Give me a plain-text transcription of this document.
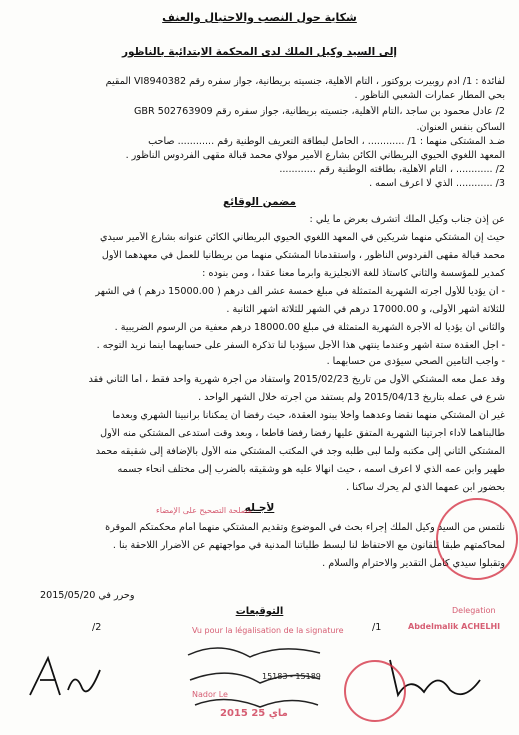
شكاية حول النصب والاحتيال والعنف
إلى السيد وكيل الملك لدى المحكمة الابتدائية بالناظور
لفائدة : 1/ ادم روبيرت بروكتور ، التام الأهلية، جنسيته بريطانية، جواز سفره رقم VI8940382 المقيم
بحي المطار عمارات الشعبي الناظور .
2/ عادل محمود بن ساجد ،التام الأهلية، جنسيته بريطانية، جواز سفره رقم GBR 502763909
الساكن بنفس العنوان.
ضـد المشتكى منهما : 1/ ............ ، الحامل لبطاقة التعريف الوطنية رقم ............ صاحب
المعهد اللغوي الحيوي البريطاني الكائن بشارع الأمير مولاي محمد قبالة مقهى الفردوس الناظور .
2/ ............ ، التام الأهلية، بطاقته الوطنية رقم ............
3/ ............ الذي لا اعرف اسمه .
مضمن الوقائع
عن إذن جناب وكيل الملك أتشرف بعرض ما يلي :
حيث إن المشتكي منهما شريكين في المعهد اللغوي الحيوي البريطاني الكائن عنوانه بشارع الأمير سيدي
محمد قبالة مقهى الفردوس الناظور ، واستقدمانا المشتكي منهما من بريطانيا للعمل في معهدهما الأول
كمدير للمؤسسة والثاني كأستاذ للغة الانجليزية وابرما معنا عقدا ، ومن بنوده :
- أن يؤديا للأول أجرته الشهرية المتمثلة في مبلغ خمسة عشر ألف درهم ( 15000.00 درهم ) في الشهر
للثلاثة أشهر الأولى، و 17000.00 درهم في الشهر للثلاثة أشهر الثانية .
والثاني أن يؤديا له الأجرة الشهرية المتمثلة في مبلغ 18000.00 درهم معفية من الرسوم الضريبية .
- اجل العقدة ستة أشهر وعندما ينتهي هذا الأجل سيؤديا لنا تذكرة السفر على حسابهما أينما نريد التوجه .
- واجب التامين الصحي سيؤدى من حسابهما .
وقد عمل معه المشتكي الأول من تاريخ 2015/02/23 واستفاد من أجرة شهرية واحد فقط ، أما الثاني فقد
شرع في عمله بتاريخ 2015/04/13 ولم يستفد من أجرته خلال الشهر الواحد .
غير أن المشتكي منهما نقضا وعدهما وأخلا ببنود العقدة، حيث رفضا أن يمكنانا برانبينا الشهري وبعدما
طالبناهما لأداء أجرتينا الشهرية المتفق عليها رفضا رفضا قاطعا ، وبعد وقت استدعى المشتكي منه الأول
المشتكي الثاني إلى مكتبه ولما لبى طلبه وجد في المكتب المشتكي منه الأول بالإضافة إلى شقيقه محمد
طهير وابن عمه الذي لا اعرف اسمه ، حيث انهالا عليه هو وشقيقه بالضرب إلى مختلف أنحاء جسمه
بحضور ابن عمهما الذي لم يحرك ساكنا .
لأجـله
نلتمس من السيد وكيل الملك إجراء بحث في الموضوع وتقديم المشتكي منهما أمام محكمتكم الموقرة
لمحاكمتهم طبقا للقانون مع الاحتفاظ لنا لبسط طلباتنا المدنية في مواجهتهم عن الأضرار اللاحقة بنا .
وتقبلوا سيدي كامل التقدير والاحترام والسلام .
وحرر في 2015/05/20
التوقيعات
/2	/1
مصلحة التصحيح على الإمضاء
Vu pour la légalisation de la signature
Delegation
Abdelmalik ACHELHI
2015 ماي 25
Nador Le
15183 - 15189
